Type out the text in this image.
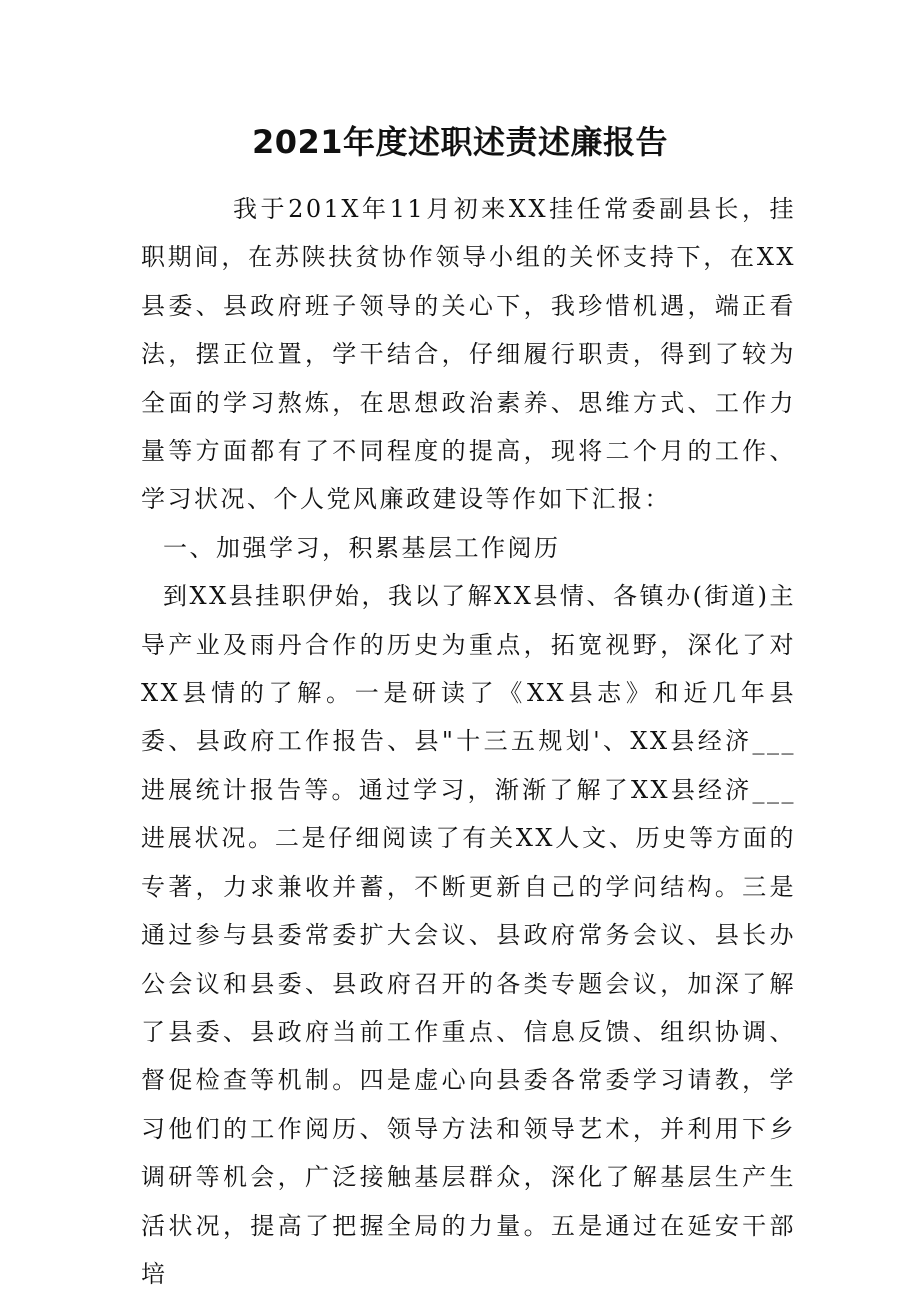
2021年度述职述责述廉报告

我于201X年11月初来XX挂任常委副县长，挂职期间，在苏陕扶贫协作领导小组的关怀支持下，在XX县委、县政府班子领导的关心下，我珍惜机遇，端正看法，摆正位置，学干结合，仔细履行职责，得到了较为全面的学习熬炼，在思想政治素养、思维方式、工作力量等方面都有了不同程度的提高，现将二个月的工作、学习状况、个人党风廉政建设等作如下汇报：

一、加强学习，积累基层工作阅历

到XX县挂职伊始，我以了解XX县情、各镇办(街道)主导产业及雨丹合作的历史为重点，拓宽视野，深化了对XX县情的了解。一是研读了《XX县志》和近几年县委、县政府工作报告、县"十三五规划'、XX县经济___进展统计报告等。通过学习，渐渐了解了XX县经济___进展状况。二是仔细阅读了有关XX人文、历史等方面的专著，力求兼收并蓄，不断更新自己的学问结构。三是通过参与县委常委扩大会议、县政府常务会议、县长办公会议和县委、县政府召开的各类专题会议，加深了解了县委、县政府当前工作重点、信息反馈、组织协调、督促检查等机制。四是虚心向县委各常委学习请教，学习他们的工作阅历、领导方法和领导艺术，并利用下乡调研等机会，广泛接触基层群众，深化了解基层生产生活状况，提高了把握全局的力量。五是通过在延安干部培
